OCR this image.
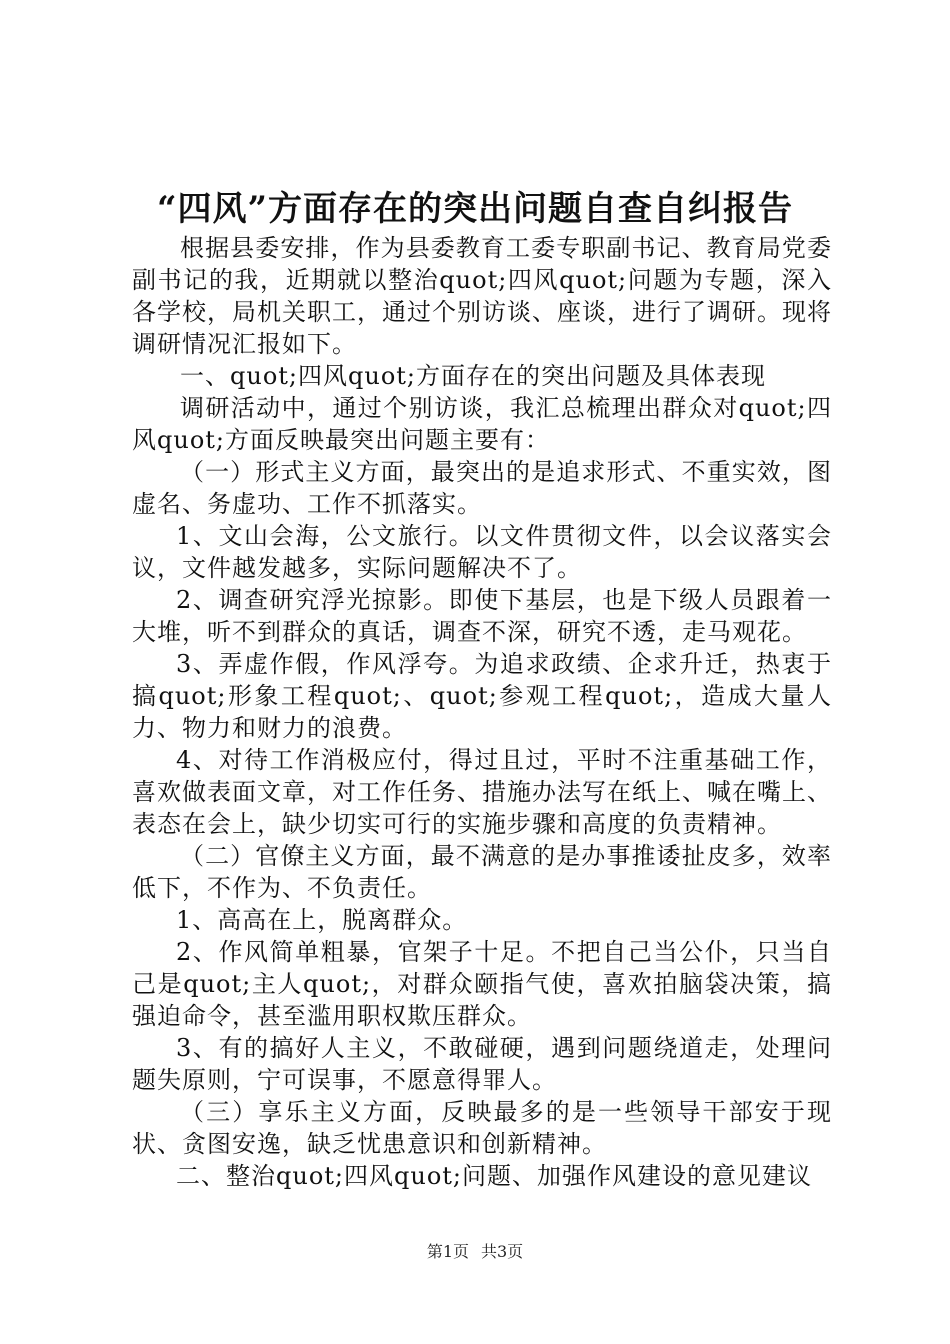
“四风”方面存在的突出问题自查自纠报告

根据县委安排，作为县委教育工委专职副书记、教育局党委副书记的我，近期就以整治quot;四风quot;问题为专题，深入各学校，局机关职工，通过个别访谈、座谈，进行了调研。现将调研情况汇报如下。

一、quot;四风quot;方面存在的突出问题及具体表现

调研活动中，通过个别访谈，我汇总梳理出群众对quot;四风quot;方面反映最突出问题主要有：

（一）形式主义方面，最突出的是追求形式、不重实效，图虚名、务虚功、工作不抓落实。

1、文山会海，公文旅行。以文件贯彻文件，以会议落实会议，文件越发越多，实际问题解决不了。

2、调查研究浮光掠影。即使下基层，也是下级人员跟着一大堆，听不到群众的真话，调查不深，研究不透，走马观花。

3、弄虚作假，作风浮夸。为追求政绩、企求升迁，热衷于搞quot;形象工程quot;、quot;参观工程quot;，造成大量人力、物力和财力的浪费。

4、对待工作消极应付，得过且过，平时不注重基础工作，喜欢做表面文章，对工作任务、措施办法写在纸上、喊在嘴上、表态在会上，缺少切实可行的实施步骤和高度的负责精神。

（二）官僚主义方面，最不满意的是办事推诿扯皮多，效率低下，不作为、不负责任。

1、高高在上，脱离群众。

2、作风简单粗暴，官架子十足。不把自己当公仆，只当自己是quot;主人quot;，对群众颐指气使，喜欢拍脑袋决策，搞强迫命令，甚至滥用职权欺压群众。

3、有的搞好人主义，不敢碰硬，遇到问题绕道走，处理问题失原则，宁可误事，不愿意得罪人。

（三）享乐主义方面，反映最多的是一些领导干部安于现状、贪图安逸，缺乏忧患意识和创新精神。

二、整治quot;四风quot;问题、加强作风建设的意见建议

第1页 共3页
